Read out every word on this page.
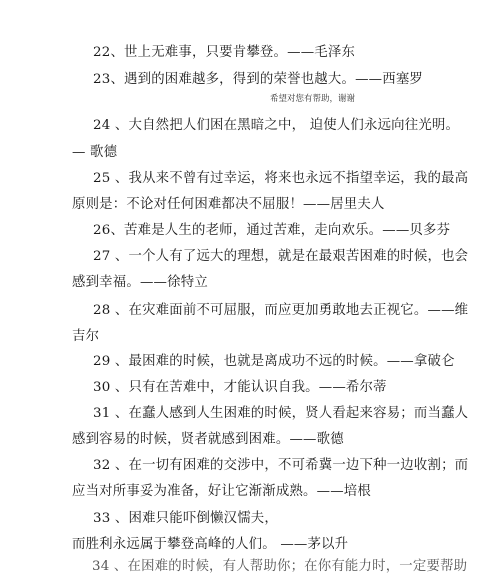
22、世上无难事，只要肯攀登。——毛泽东
23、遇到的困难越多，得到的荣誉也越大。——西塞罗
希望对您有帮助，谢谢
24 、大自然把人们困在黑暗之中， 迫使人们永远向往光明。
— 歌德
25 、我从来不曾有过幸运，将来也永远不指望幸运，我的最高
原则是：不论对任何困难都决不屈服！——居里夫人
26、苦难是人生的老师，通过苦难，走向欢乐。——贝多芬
27 、一个人有了远大的理想，就是在最艰苦困难的时候，也会
感到幸福。——徐特立
28 、在灾难面前不可屈服，而应更加勇敢地去正视它。——维
吉尔
29 、最困难的时候，也就是离成功不远的时候。——拿破仑
30 、只有在苦难中，才能认识自我。——希尔蒂
31 、在蠢人感到人生困难的时候，贤人看起来容易；而当蠢人
感到容易的时候，贤者就感到困难。——歌德
32 、在一切有困难的交涉中，不可希冀一边下种一边收割；而
应当对所事妥为准备，好让它渐渐成熟。——培根
33 、困难只能吓倒懒汉懦夫，
而胜利永远属于攀登高峰的人们。 ——茅以升
34 、在困难的时候，有人帮助你；在你有能力时，一定要帮助
